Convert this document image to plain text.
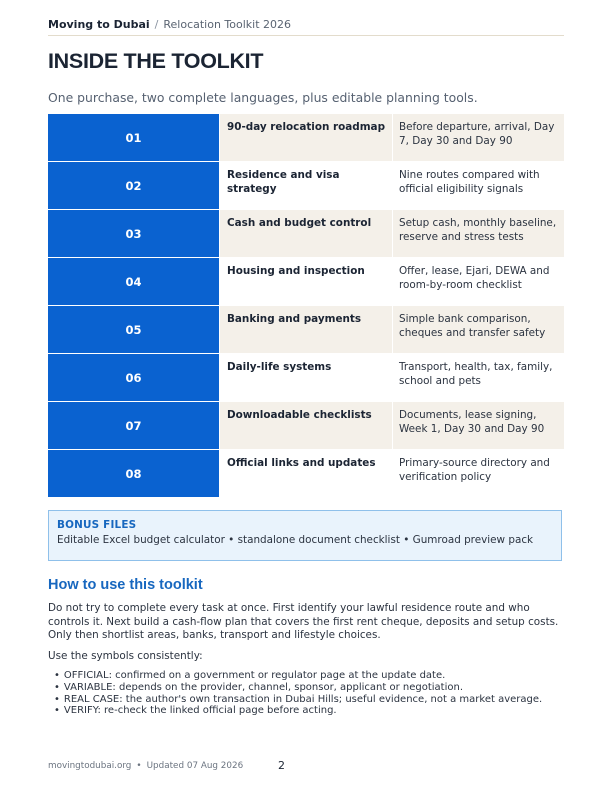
Moving to Dubai / Relocation Toolkit 2026
INSIDE THE TOOLKIT

One purchase, two complete languages, plus editable planning tools.

01	90-day relocation roadmap	Before departure, arrival, Day 7, Day 30 and Day 90

02	Residence and visa strategy	Nine routes compared with official eligibility signals

03	Cash and budget control	Setup cash, monthly baseline, reserve and stress tests

04	Housing and inspection	Offer, lease, Ejari, DEWA and room-by-room checklist

05	Banking and payments	Simple bank comparison, cheques and transfer safety

06	Daily-life systems	Transport, health, tax, family, school and pets

07	Downloadable checklists	Documents, lease signing, Week 1, Day 30 and Day 90

08	Official links and updates	Primary-source directory and verification policy
BONUS FILES
Editable Excel budget calculator • standalone document checklist • Gumroad preview pack
How to use this toolkit

Do not try to complete every task at once. First identify your lawful residence route and who controls it. Next build a cash-flow plan that covers the first rent cheque, deposits and setup costs. Only then shortlist areas, banks, transport and lifestyle choices.

Use the symbols consistently:

• OFFICIAL: confirmed on a government or regulator page at the update date.
• VARIABLE: depends on the provider, channel, sponsor, applicant or negotiation.
• REAL CASE: the author's own transaction in Dubai Hills; useful evidence, not a market average.
• VERIFY: re-check the linked official page before acting.
movingtodubai.org • Updated 07 Aug 2026	2
